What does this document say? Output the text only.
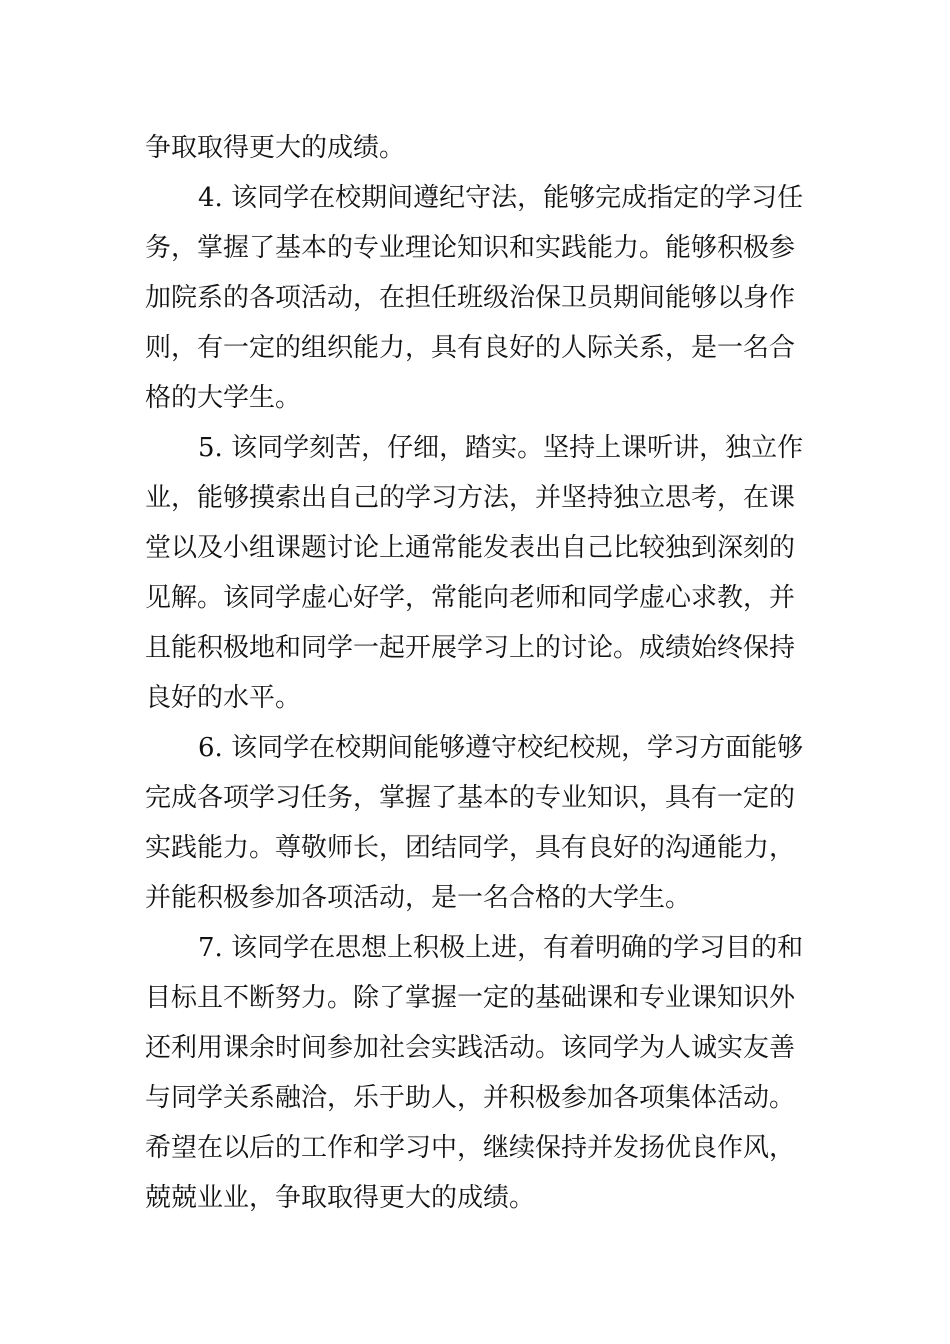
争取取得更大的成绩。
4. 该同学在校期间遵纪守法，能够完成指定的学习任
务，掌握了基本的专业理论知识和实践能力。能够积极参
加院系的各项活动，在担任班级治保卫员期间能够以身作
则，有一定的组织能力，具有良好的人际关系，是一名合
格的大学生。
5. 该同学刻苦，仔细，踏实。坚持上课听讲，独立作
业，能够摸索出自己的学习方法，并坚持独立思考，在课
堂以及小组课题讨论上通常能发表出自己比较独到深刻的
见解。该同学虚心好学，常能向老师和同学虚心求教，并
且能积极地和同学一起开展学习上的讨论。成绩始终保持
良好的水平。
6. 该同学在校期间能够遵守校纪校规，学习方面能够
完成各项学习任务，掌握了基本的专业知识，具有一定的
实践能力。尊敬师长，团结同学，具有良好的沟通能力，
并能积极参加各项活动，是一名合格的大学生。
7. 该同学在思想上积极上进，有着明确的学习目的和
目标且不断努力。除了掌握一定的基础课和专业课知识外
还利用课余时间参加社会实践活动。该同学为人诚实友善
与同学关系融洽，乐于助人，并积极参加各项集体活动。
希望在以后的工作和学习中，继续保持并发扬优良作风，
兢兢业业，争取取得更大的成绩。
